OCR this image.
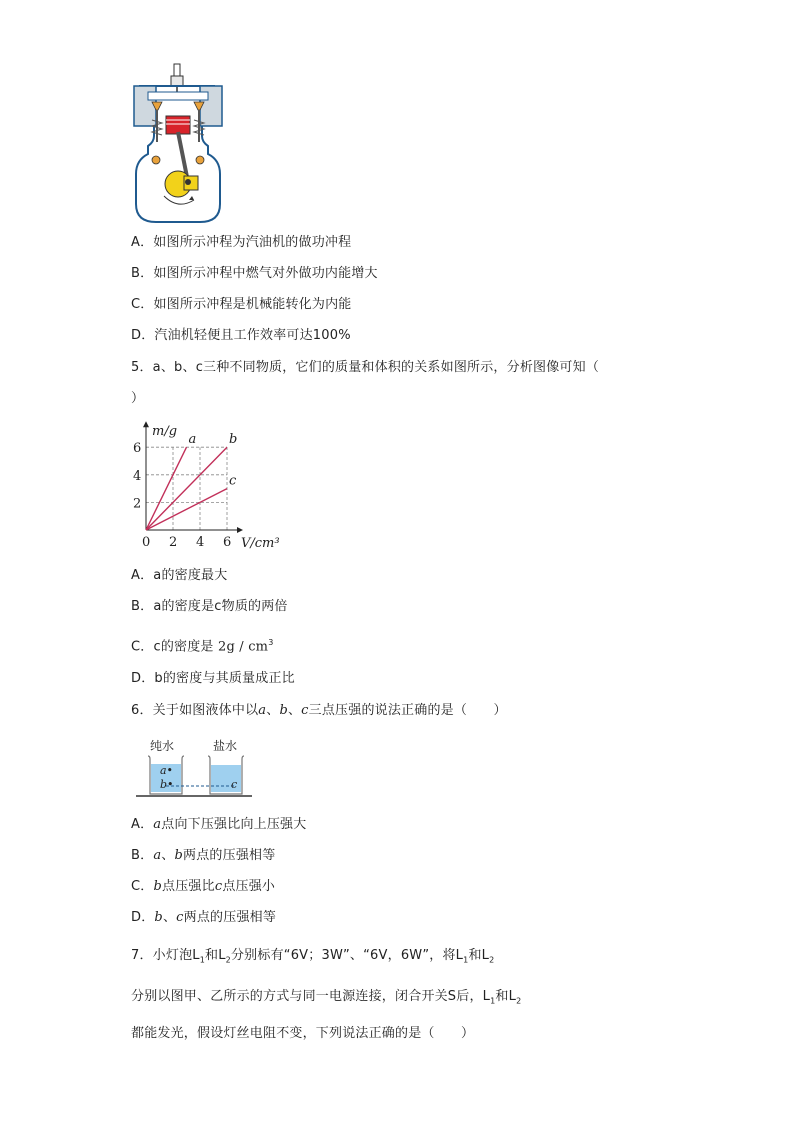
A．如图所示冲程为汽油机的做功冲程
B．如图所示冲程中燃气对外做功内能增大
C．如图所示冲程是机械能转化为内能
D．汽油机轻便且工作效率可达100%
5．a、b、c三种不同物质，它们的质量和体积的关系如图所示，分析图像可知（
）
a	b
c
0 2 4 6
2
4
6
V/cm³
m/g
A．a的密度最大
B．a的密度是c物质的两倍
C．c的密度是 $2g / cm^3$
D．b的密度与其质量成正比
6．关于如图液体中以a、b、c三点压强的说法正确的是（　　）
纯水	盐水
a•
b•	c
A．a点向下压强比向上压强大
B．a、b两点的压强相等
C．b点压强比c点压强小
D．b、c两点的压强相等
7．小灯泡$L_1$和$L_2$分别标有“6V；3W”、“6V，6W”，将$L_1$和$L_2$
分别以图甲、乙所示的方式与同一电源连接，闭合开关S后，$L_1$和$L_2$
都能发光，假设灯丝电阻不变，下列说法正确的是（　　）
